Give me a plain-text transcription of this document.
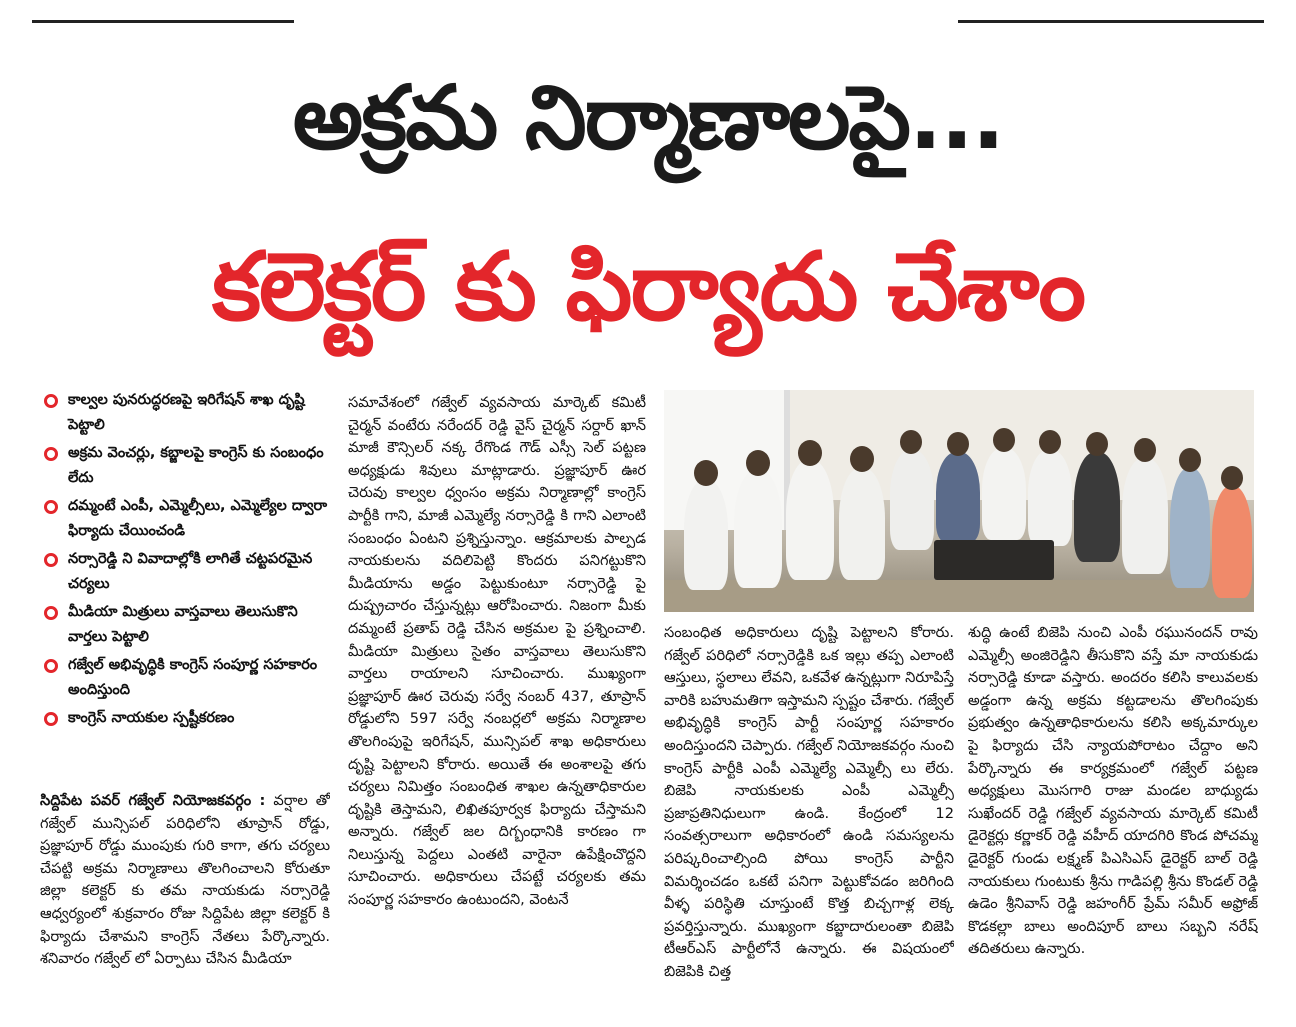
అక్రమ నిర్మాణాలపై...
కలెక్టర్ కు ఫిర్యాదు చేశాం
కాల్వల పునరుద్ధరణపై ఇరిగేషన్ శాఖ దృష్టి పెట్టాలి
అక్రమ వెంచర్లు, కబ్జాలపై కాంగ్రెస్ కు సంబంధం లేదు
దమ్మంటే ఎంపీ, ఎమ్మెల్సీలు, ఎమ్మెల్యేల ద్వారా ఫిర్యాదు చేయించండి
నర్సారెడ్డి ని వివాదాల్లోకి లాగితే చట్టపరమైన చర్యలు
మీడియా మిత్రులు వాస్తవాలు తెలుసుకొని వార్తలు పెట్టాలి
గజ్వేల్ అభివృద్ధికి కాంగ్రెస్ సంపూర్ణ సహకారం అందిస్తుంది
కాంగ్రెస్ నాయకుల స్పష్టీకరణం

సిద్దిపేట పవర్ గజ్వేల్ నియోజకవర్గం : వర్షాల తో గజ్వేల్ మున్సిపల్ పరిధిలోని తూప్రాన్ రోడ్డు, ప్రజ్ఞాపూర్ రోడ్డు ముంపుకు గురి కాగా, తగు చర్యలు చేపట్టి అక్రమ నిర్మాణాలు తొలగించాలని కోరుతూ జిల్లా కలెక్టర్ కు తమ నాయకుడు నర్సారెడ్డి ఆధ్వర్యంలో శుక్రవారం రోజు సిద్దిపేట జిల్లా కలెక్టర్ కి ఫిర్యాదు చేశామని కాంగ్రెస్ నేతలు పేర్కొన్నారు. శనివారం గజ్వేల్ లో ఏర్పాటు చేసిన మీడియా

సమావేశంలో గజ్వేల్ వ్యవసాయ మార్కెట్ కమిటీ చైర్మన్ వంటేరు నరేందర్ రెడ్డి వైస్ చైర్మన్ సర్దార్ ఖాన్ మాజీ కౌన్సిలర్ నక్క రేగొండ గౌడ్ ఎస్సీ సెల్ పట్టణ అధ్యక్షుడు శివులు మాట్లాడారు. ప్రజ్ఞాపూర్ ఊర చెరువు కాల్వల ధ్వంసం అక్రమ నిర్మాణాల్లో కాంగ్రెస్ పార్టీకి గాని, మాజీ ఎమ్మెల్యే నర్సారెడ్డి కి గాని ఎలాంటి సంబంధం ఏంటని ప్రశ్నిస్తున్నాం. ఆక్రమాలకు పాల్పడ నాయకులను వదిలిపెట్టి కొందరు పనిగట్టుకొని మీడియాను అడ్డం పెట్టుకుంటూ నర్సారెడ్డి పై దుష్ప్రచారం చేస్తున్నట్లు ఆరోపించారు. నిజంగా మీకు దమ్మంటే ప్రతాప్ రెడ్డి చేసిన అక్రమల పై ప్రశ్నించాలి. మీడియా మిత్రులు సైతం వాస్తవాలు తెలుసుకొని వార్తలు రాయాలని సూచించారు. ముఖ్యంగా ప్రజ్ఞాపూర్ ఊర చెరువు సర్వే నంబర్ 437, తూప్రాన్ రోడ్డులోని 597 సర్వే నంబర్లలో అక్రమ నిర్మాణాల తొలగింపుపై ఇరిగేషన్, మున్సిపల్ శాఖ అధికారులు దృష్టి పెట్టాలని కోరారు. అయితే ఈ అంశాలపై తగు చర్యలు నిమిత్తం సంబంధిత శాఖల ఉన్నతాధికారుల దృష్టికి తెస్తామని, లిఖితపూర్వక ఫిర్యాదు చేస్తామని అన్నారు. గజ్వేల్ జల దిగ్బంధానికి కారణం గా నిలుస్తున్న పెద్దలు ఎంతటి వారైనా ఉపేక్షించొద్దని సూచించారు. అధికారులు చేపట్టే చర్యలకు తమ సంపూర్ణ సహకారం ఉంటుందని, వెంటనే

సంబంధిత అధికారులు దృష్టి పెట్టాలని కోరారు. గజ్వేల్ పరిధిలో నర్సారెడ్డికి ఒక ఇల్లు తప్ప ఎలాంటి ఆస్తులు, స్థలాలు లేవని, ఒకవేళ ఉన్నట్లుగా నిరూపిస్తే వారికి బహుమతిగా ఇస్తామని స్పష్టం చేశారు. గజ్వేల్ అభివృద్ధికి కాంగ్రెస్ పార్టీ సంపూర్ణ సహకారం అందిస్తుందని చెప్పారు. గజ్వేల్ నియోజకవర్గం నుంచి కాంగ్రెస్ పార్టీకి ఎంపీ ఎమ్మెల్యే ఎమ్మెల్సీ లు లేరు. బిజెపి నాయకులకు ఎంపీ ఎమ్మెల్సీ ప్రజాప్రతినిధులుగా ఉండి. కేంద్రంలో 12 సంవత్సరాలుగా అధికారంలో ఉండి సమస్యలను పరిష్కరించాల్సింది పోయి కాంగ్రెస్ పార్టీని విమర్శించడం ఒకటే పనిగా పెట్టుకోవడం జరిగింది వీళ్ళ పరిస్థితి చూస్తుంటే కొత్త బిచ్చగాళ్ల లెక్క ప్రవర్తిస్తున్నారు. ముఖ్యంగా కబ్జాదారులంతా బిజెపి టీఆర్ఎస్ పార్టీలోనే ఉన్నారు. ఈ విషయంలో బిజెపికి చిత్త

శుద్ధి ఉంటే బిజెపి నుంచి ఎంపీ రఘునందన్ రావు ఎమ్మెల్సీ అంజిరెడ్డిని తీసుకొని వస్తే మా నాయకుడు నర్సారెడ్డి కూడా వస్తారు. అందరం కలిసి కాలువలకు అడ్డంగా ఉన్న అక్రమ కట్టడాలను తొలగింపుకు ప్రభుత్వం ఉన్నతాధికారులను కలిసి అక్కమార్కుల పై ఫిర్యాదు చేసి న్యాయపోరాటం చేద్దాం అని పేర్కొన్నారు ఈ కార్యక్రమంలో గజ్వేల్ పట్టణ అధ్యక్షులు మొసగారి రాజు మండల బాధ్యుడు సుఖేందర్ రెడ్డి గజ్వేల్ వ్యవసాయ మార్కెట్ కమిటీ డైరెక్టర్లు కర్ణాకర్ రెడ్డి వహీద్ యాదగిరి కొండ పోచమ్మ డైరెక్టర్ గుండు లక్ష్మణ్ పిఎసిఎస్ డైరెక్టర్ బాల్ రెడ్డి నాయకులు గుంటుకు శ్రీను గాడిపల్లి శ్రీను కొండల్ రెడ్డి ఉడెం శ్రీనివాస్ రెడ్డి జహంగీర్ ప్రేమ్ సమీర్ అఫ్రోజ్ కొడకల్లా బాలు అందిపూర్ బాలు సబ్బని నరేష్ తదితరులు ఉన్నారు.
